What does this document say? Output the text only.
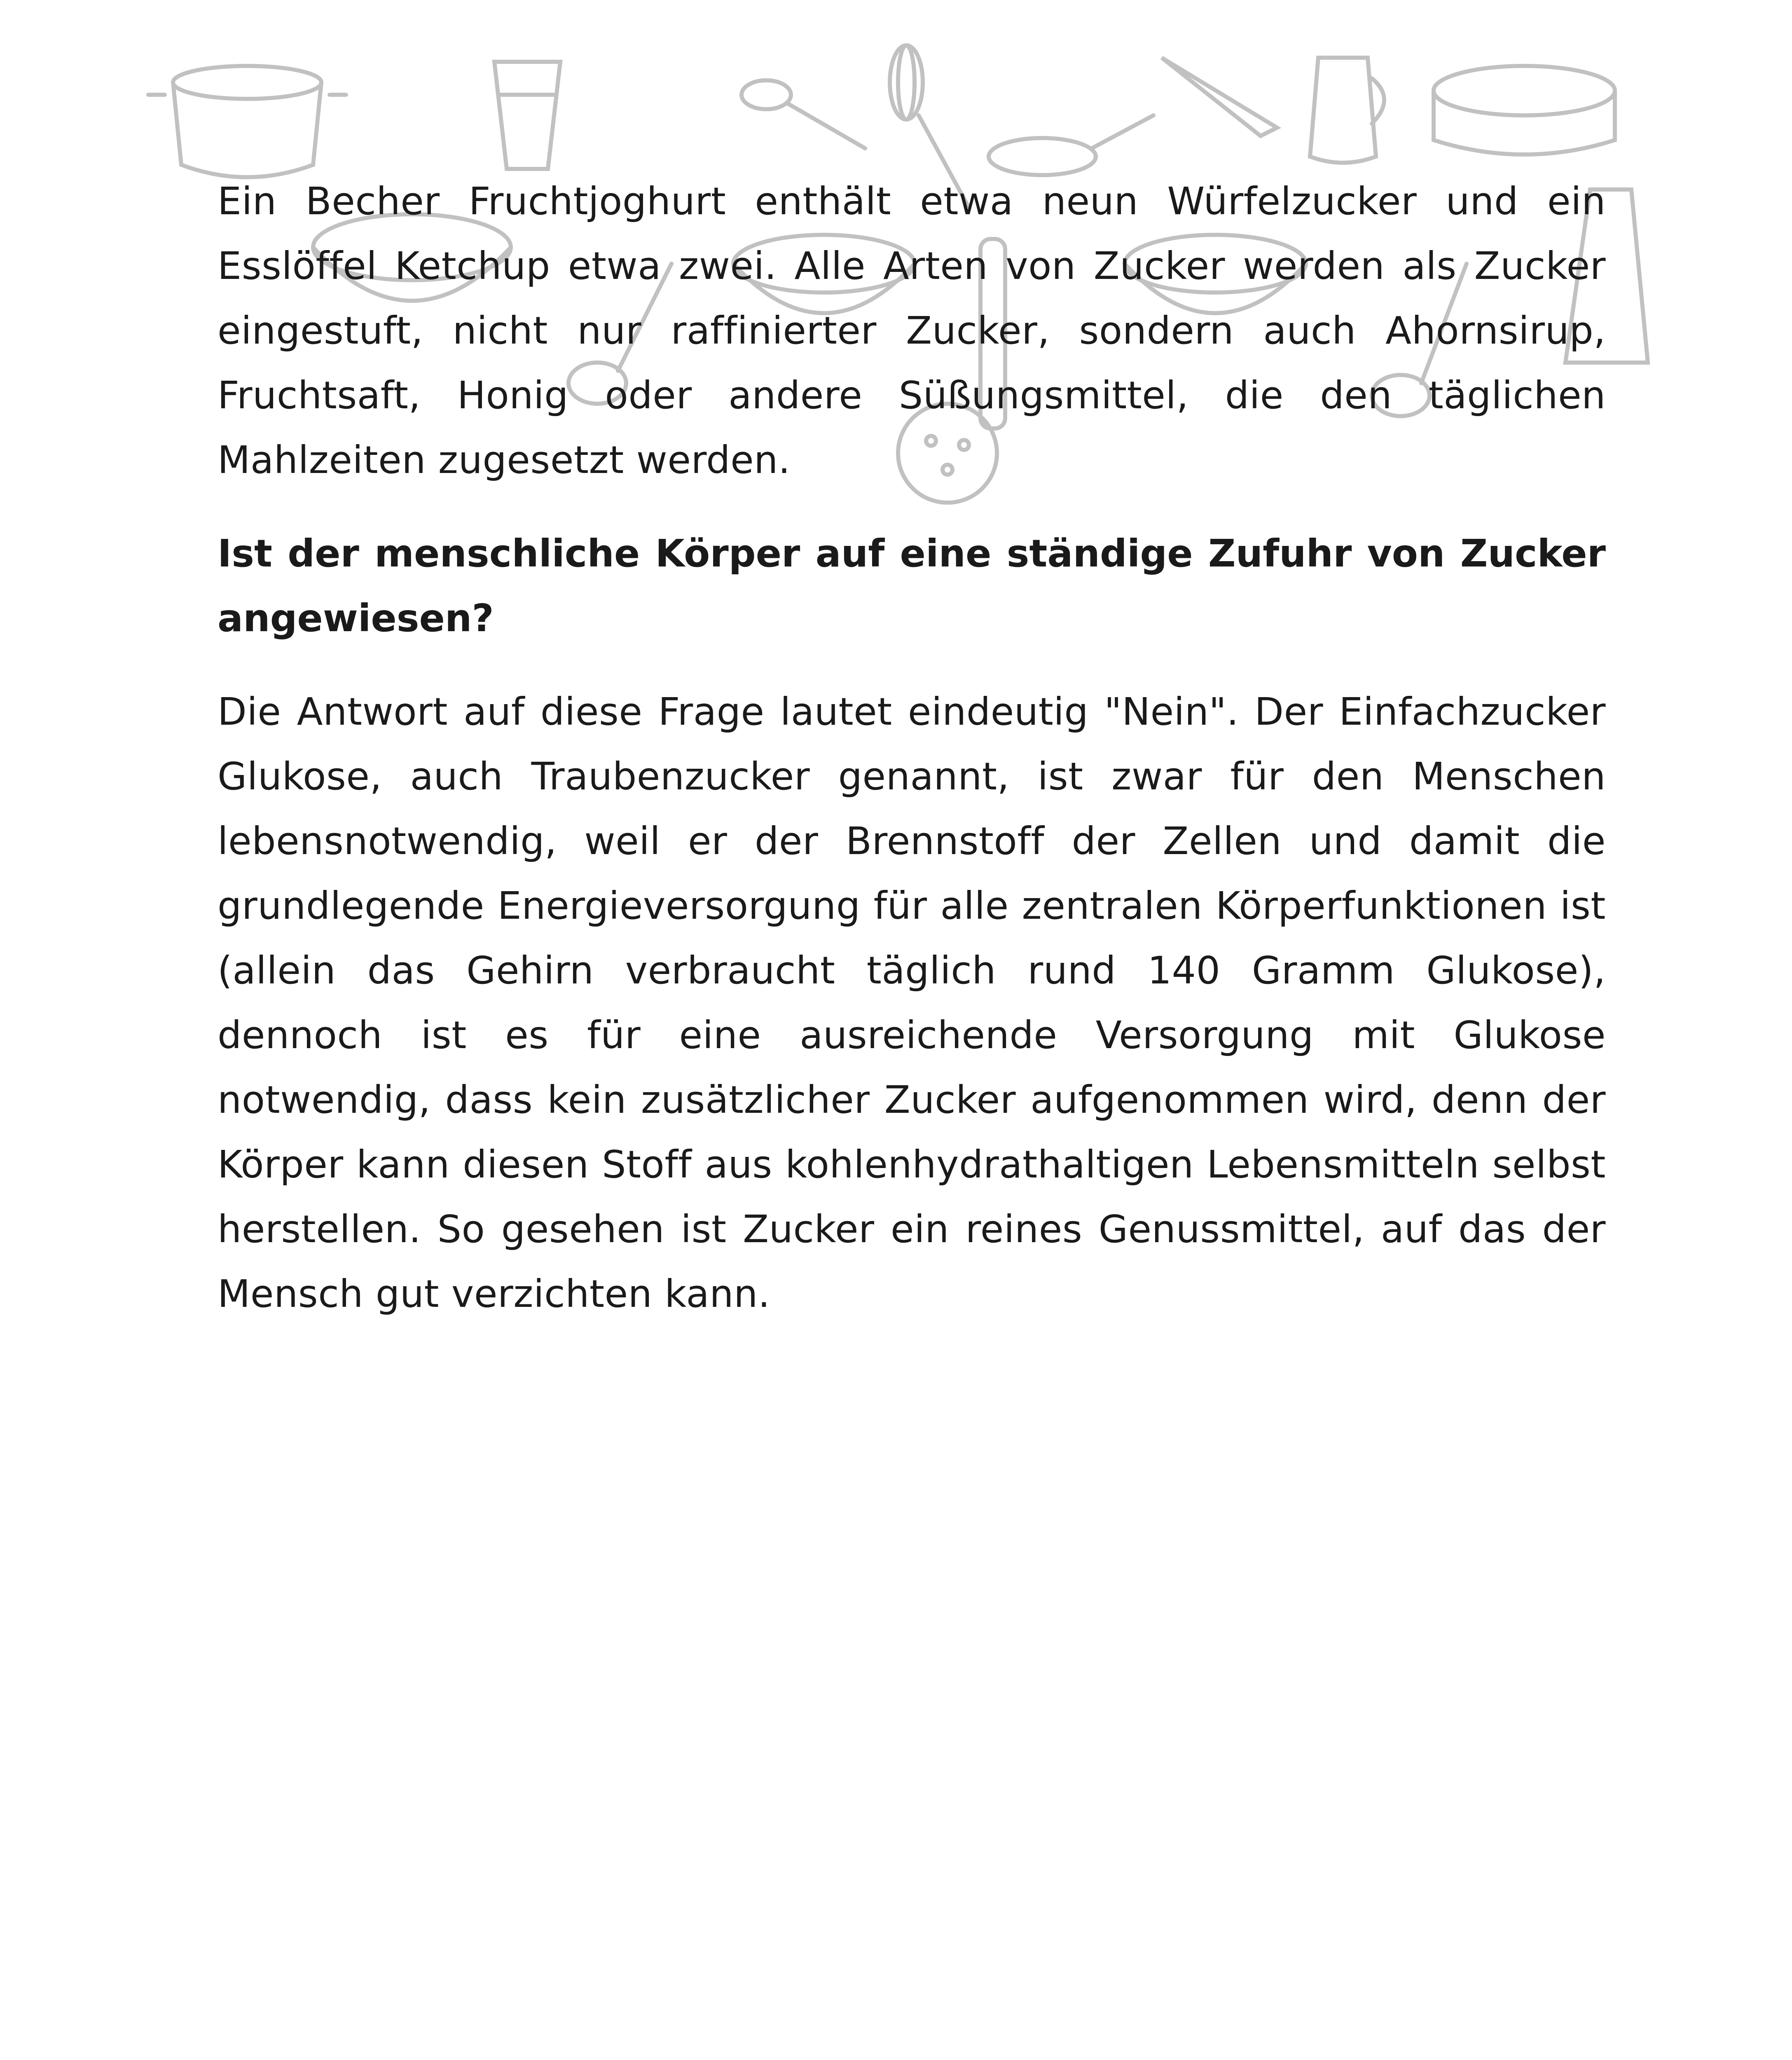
Ein Becher Fruchtjoghurt enthält etwa neun Würfelzucker und ein Esslöffel Ketchup etwa zwei. Alle Arten von Zucker werden als Zucker eingestuft, nicht nur raffinierter Zucker, sondern auch Ahornsirup, Fruchtsaft, Honig oder andere Süßungsmittel, die den täglichen Mahlzeiten zugesetzt werden.

Ist der menschliche Körper auf eine ständige Zufuhr von Zucker angewiesen?

Die Antwort auf diese Frage lautet eindeutig "Nein". Der Einfachzucker Glukose, auch Traubenzucker genannt, ist zwar für den Menschen lebensnotwendig, weil er der Brennstoff der Zellen und damit die grundlegende Energieversorgung für alle zentralen Körperfunktionen ist (allein das Gehirn verbraucht täglich rund 140 Gramm Glukose), dennoch ist es für eine ausreichende Versorgung mit Glukose notwendig, dass kein zusätzlicher Zucker aufgenommen wird, denn der Körper kann diesen Stoff aus kohlenhydrathaltigen Lebensmitteln selbst herstellen. So gesehen ist Zucker ein reines Genussmittel, auf das der Mensch gut verzichten kann.
